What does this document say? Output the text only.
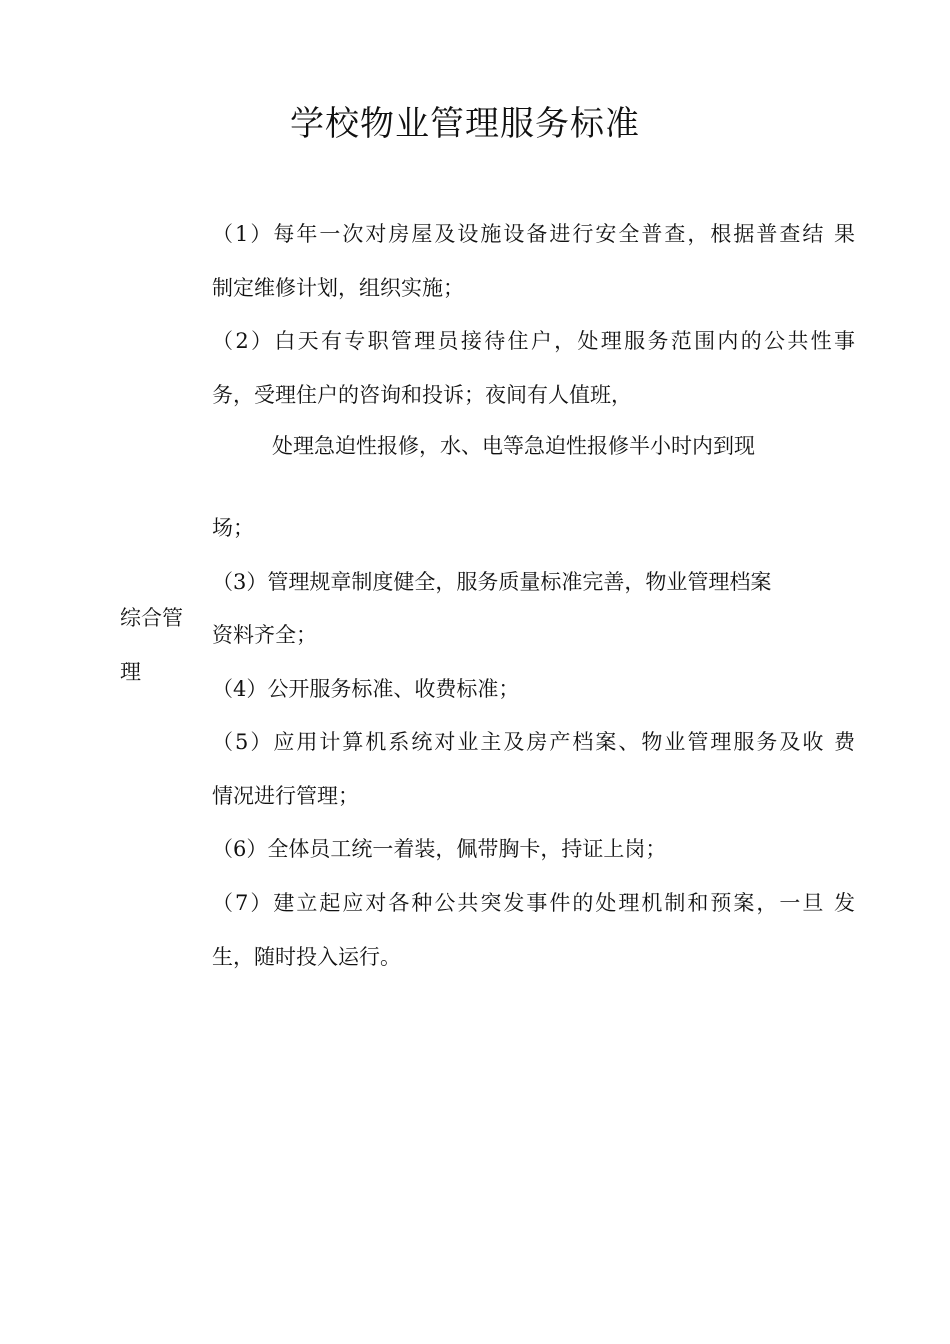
学校物业管理服务标准
综合管
理
（1）每年一次对房屋及设施设备进行安全普查，根据普查结 果
制定维修计划，组织实施；
（2）白天有专职管理员接待住户，处理服务范围内的公共性事
务，受理住户的咨询和投诉；夜间有人值班，
处理急迫性报修，水、电等急迫性报修半小时内到现
场；
（3）管理规章制度健全，服务质量标准完善，物业管理档案
资料齐全；
（4）公开服务标准、收费标准；
（5）应用计算机系统对业主及房产档案、物业管理服务及收 费
情况进行管理；
（6）全体员工统一着装，佩带胸卡，持证上岗；
（7）建立起应对各种公共突发事件的处理机制和预案，一旦 发
生，随时投入运行。
